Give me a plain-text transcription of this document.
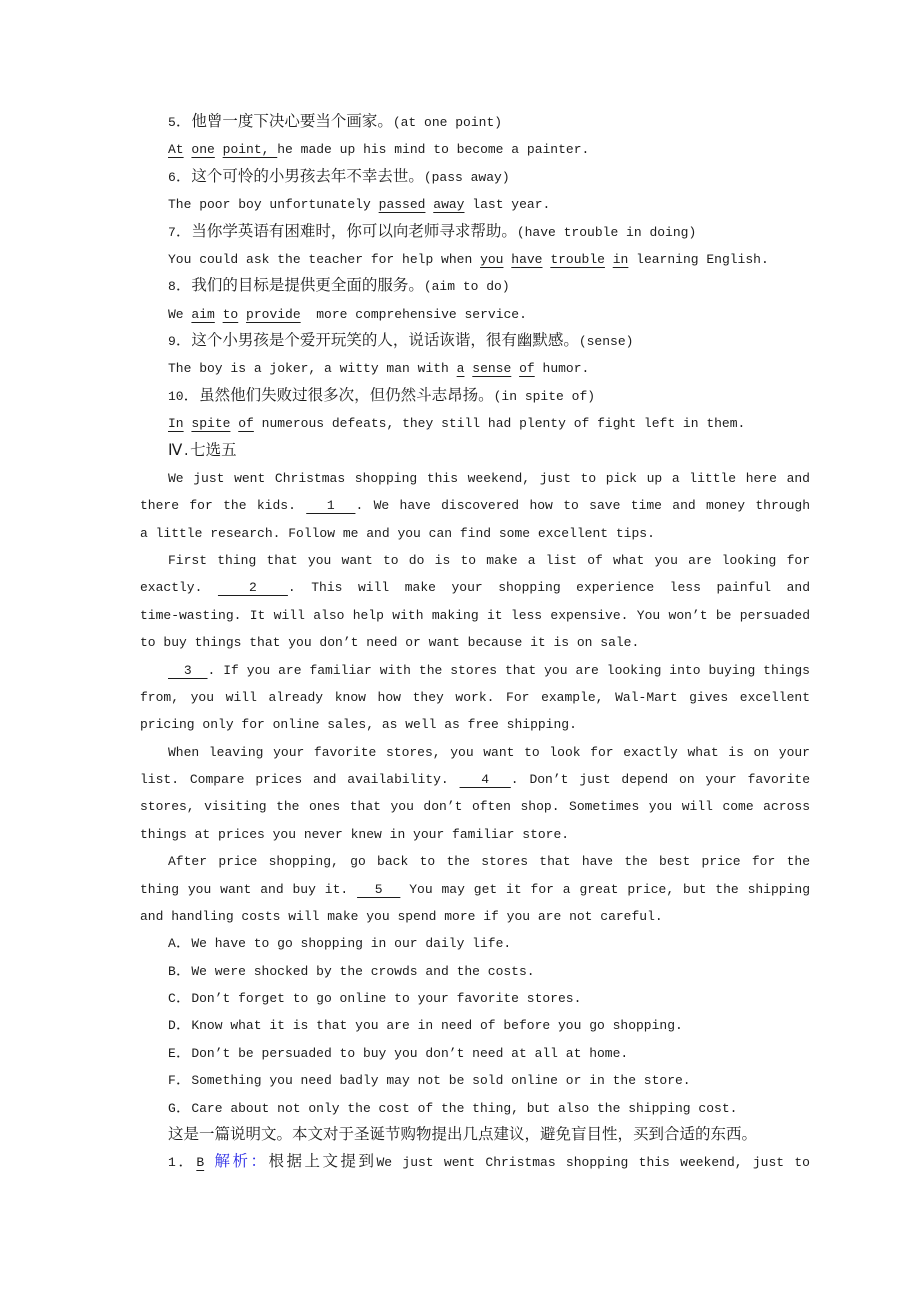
5．他曾一度下决心要当个画家。(at one point)
At one point, he made up his mind to become a painter.
6．这个可怜的小男孩去年不幸去世。(pass away)
The poor boy unfortunately passed away last year.
7．当你学英语有困难时，你可以向老师寻求帮助。(have trouble in doing)
You could ask the teacher for help when you have trouble in learning English.
8．我们的目标是提供更全面的服务。(aim to do)
We aim to provide  more comprehensive service.
9．这个小男孩是个爱开玩笑的人，说话诙谐，很有幽默感。(sense)
The boy is a joker, a witty man with a sense of humor.
10．虽然他们失败过很多次，但仍然斗志昂扬。(in spite of)
In spite of numerous defeats, they still had plenty of fight left in them.
Ⅳ.七选五
We just went Christmas shopping this weekend, just to pick up a little here and
there for the kids.   1  . We have discovered how to save time and money through
a little research. Follow me and you can find some excellent tips.
First thing that you want to do is to make a list of what you are looking for
exactly.   2  . This will make your shopping experience less painful and
time-wasting. It will also help with making it less expensive. You won’t be persuaded
to buy things that you don’t need or want because it is on sale.
3  . If you are familiar with the stores that you are looking into buying things
from, you will already know how they work. For example, Wal-Mart gives excellent
pricing only for online sales, as well as free shipping.
When leaving your favorite stores, you want to look for exactly what is on your
list. Compare prices and availability.   4  . Don’t just depend on your favorite
stores, visiting the ones that you don’t often shop. Sometimes you will come across
things at prices you never knew in your familiar store.
After price shopping, go back to the stores that have the best price for the
thing you want and buy it.   5   You may get it for a great price, but the shipping
and handling costs will make you spend more if you are not careful.
A．We have to go shopping in our daily life.
B．We were shocked by the crowds and the costs.
C．Don’t forget to go online to your favorite stores.
D．Know what it is that you are in need of before you go shopping.
E．Don’t be persuaded to buy you don’t need at all at home.
F．Something you need badly may not be sold online or in the store.
G．Care about not only the cost of the thing, but also the shipping cost.
这是一篇说明文。本文对于圣诞节购物提出几点建议，避免盲目性，买到合适的东西。
1．B 解析：根据上文提到We just went Christmas shopping this weekend, just to
